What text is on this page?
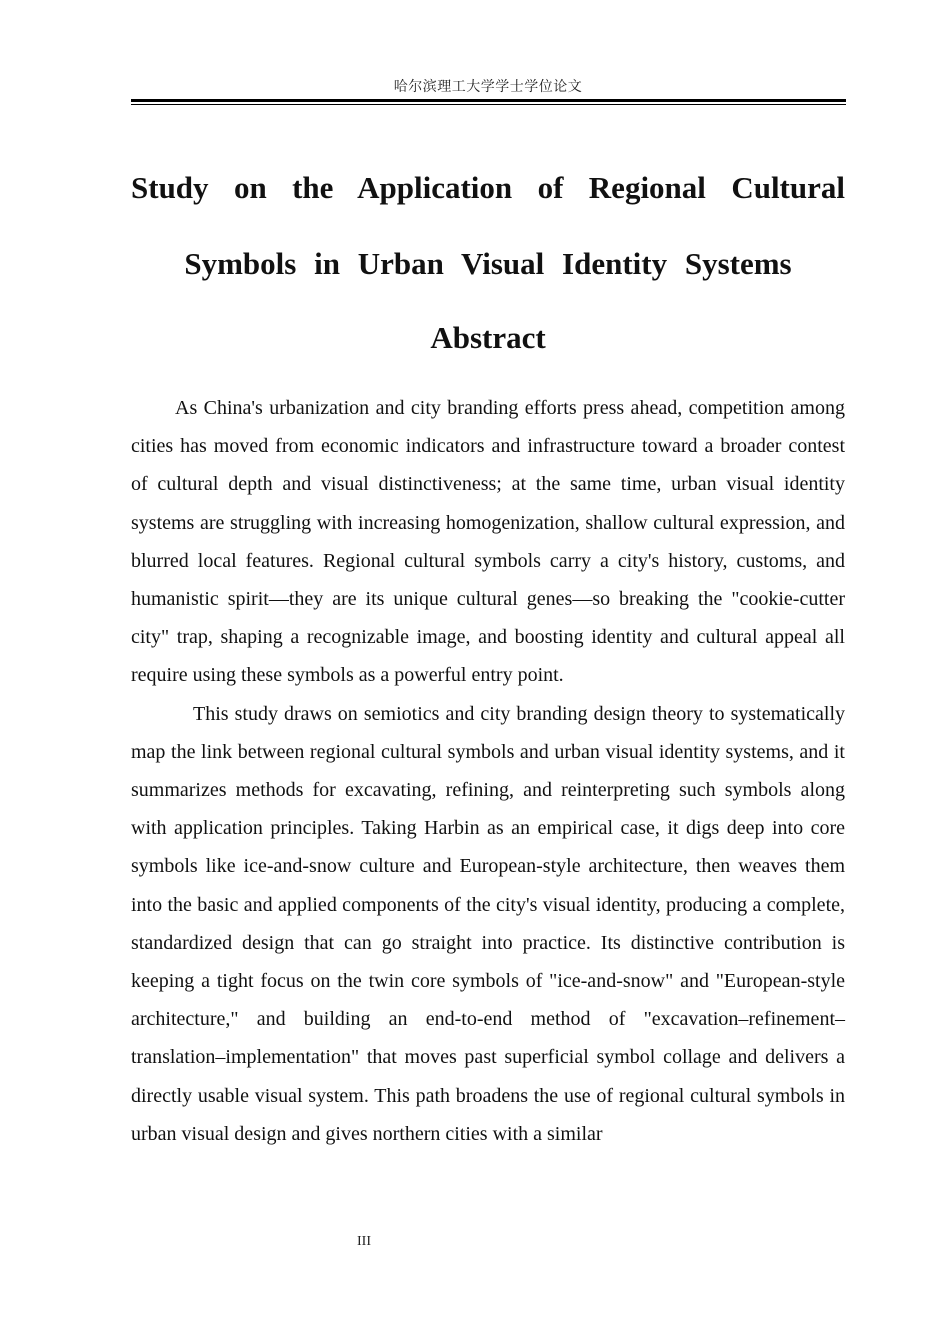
哈尔滨理工大学学士学位论文
Study on the Application of Regional Cultural
Symbols in Urban Visual Identity Systems
Abstract

As China's urbanization and city branding efforts press ahead, competition among cities has moved from economic indicators and infrastructure toward a broader contest of cultural depth and visual distinctiveness; at the same time, urban visual identity systems are struggling with increasing homogenization, shallow cultural expression, and blurred local features. Regional cultural symbols carry a city's history, customs, and humanistic spirit—they are its unique cultural genes—so breaking the "cookie-cutter city" trap, shaping a recognizable image, and boosting identity and cultural appeal all require using these symbols as a powerful entry point.

This study draws on semiotics and city branding design theory to systematically map the link between regional cultural symbols and urban visual identity systems, and it summarizes methods for excavating, refining, and reinterpreting such symbols along with application principles. Taking Harbin as an empirical case, it digs deep into core symbols like ice-and-snow culture and European-style architecture, then weaves them into the basic and applied components of the city's visual identity, producing a complete, standardized design that can go straight into practice. Its distinctive contribution is keeping a tight focus on the twin core symbols of "ice-and-snow" and "European-style architecture," and building an end-to-end method of "excavation–refinement–translation–implementation" that moves past superficial symbol collage and delivers a directly usable visual system. This path broadens the use of regional cultural symbols in urban visual design and gives northern cities with a similar

III
